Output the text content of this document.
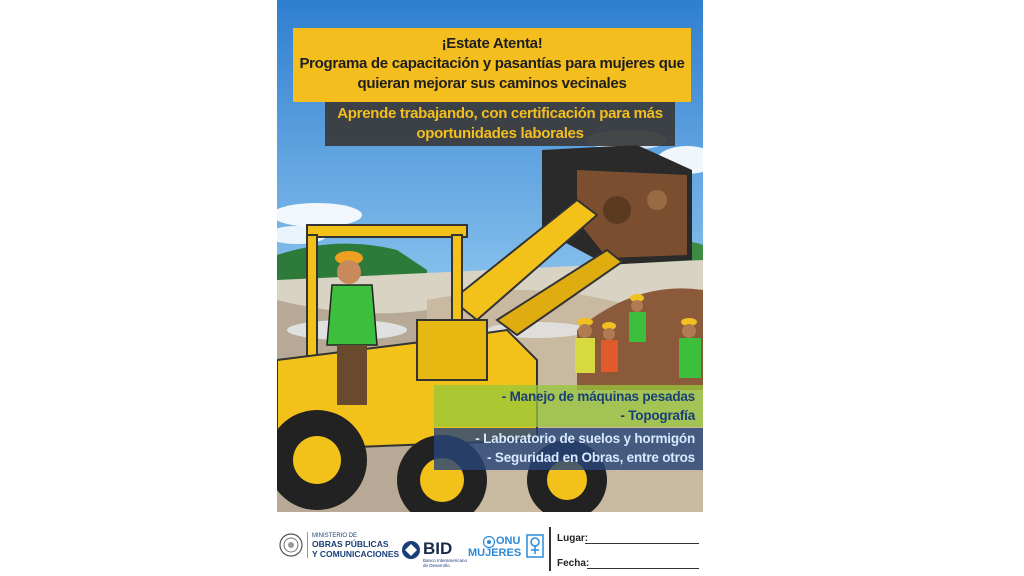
¡Estate Atenta!
Programa de capacitación y pasantías para mujeres que
quieran mejorar sus caminos vecinales
Aprende trabajando, con certificación para más
oportunidades laborales
- Manejo de máquinas pesadas
- Topografía
- Laboratorio de suelos y hormigón
- Seguridad en Obras, entre otros
MINISTERIO DE
OBRAS PÚBLICAS
Y COMUNICACIONES BID
Banco Interamericano
de Desarrollo
ONU
MUJERES
Lugar:
Fecha:
